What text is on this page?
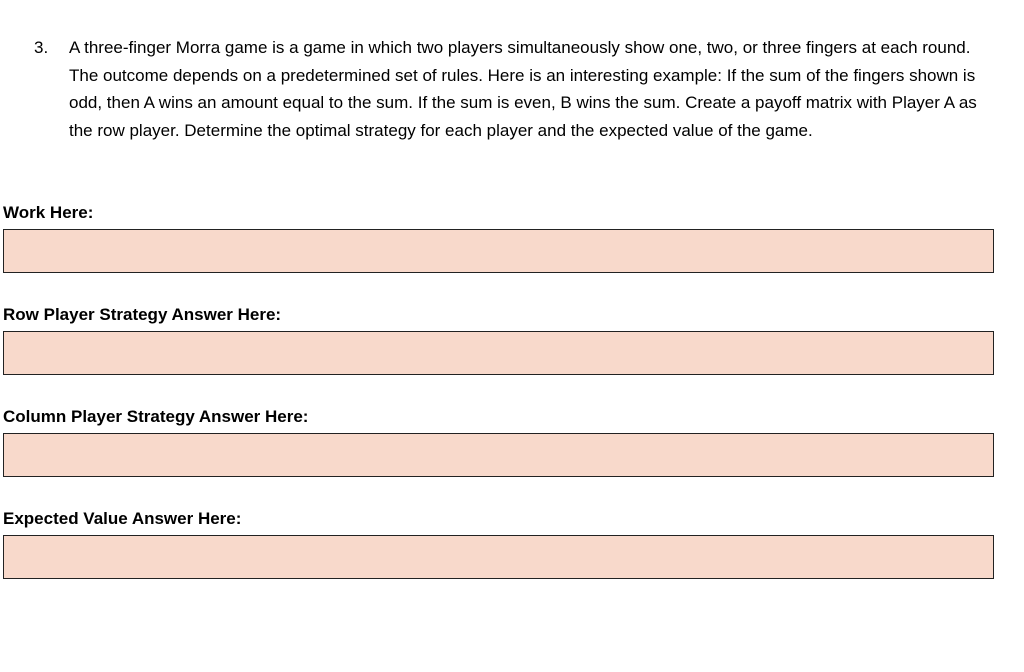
3.	A three-finger Morra game is a game in which two players simultaneously show one, two, or three fingers at each round. The outcome depends on a predetermined set of rules. Here is an interesting example: If the sum of the fingers shown is odd, then A wins an amount equal to the sum. If the sum is even, B wins the sum. Create a payoff matrix with Player A as the row player. Determine the optimal strategy for each player and the expected value of the game.
Work Here:
Row Player Strategy Answer Here:
Column Player Strategy Answer Here:
Expected Value Answer Here:
